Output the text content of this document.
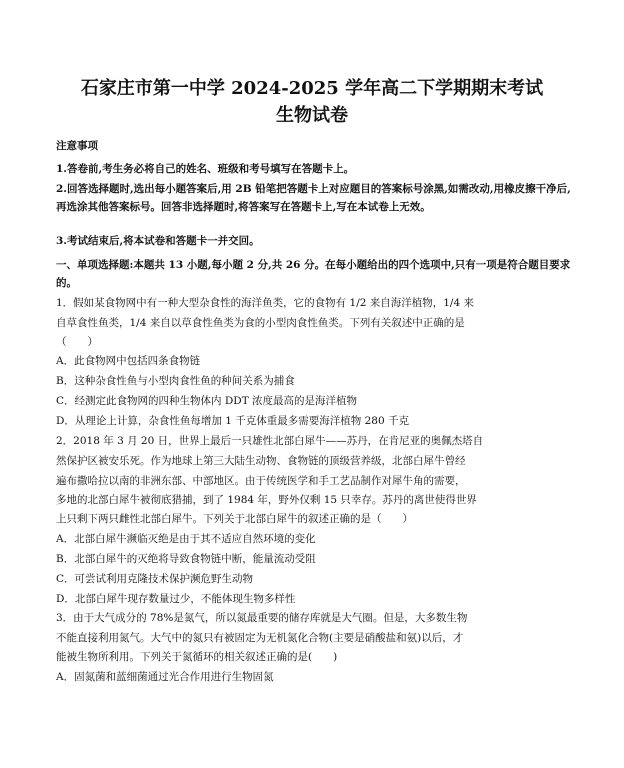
石家庄市第一中学 2024-2025 学年高二下学期期末考试
生物试卷
注意事项
1.答卷前,考生务必将自己的姓名、班级和考号填写在答题卡上。
2.回答选择题时,选出每小题答案后,用 2B 铅笔把答题卡上对应题目的答案标号涂黑,如需改动,用橡皮擦干净后,再选涂其他答案标号。回答非选择题时,将答案写在答题卡上,写在本试卷上无效。
3.考试结束后,将本试卷和答题卡一并交回。
一、单项选择题:本题共 13 小题,每小题 2 分,共 26 分。在每小题给出的四个选项中,只有一项是符合题目要求的。
1．假如某食物网中有一种大型杂食性的海洋鱼类，它的食物有 1/2 来自海洋植物，1/4 来
自草食性鱼类，1/4 来自以草食性鱼类为食的小型肉食性鱼类。下列有关叙述中正确的是
（　　）
A．此食物网中包括四条食物链
B．这种杂食性鱼与小型肉食性鱼的种间关系为捕食
C．经测定此食物网的四种生物体内 DDT 浓度最高的是海洋植物
D．从理论上计算，杂食性鱼每增加 1 千克体重最多需要海洋植物 280 千克
2．2018 年 3 月 20 日，世界上最后一只雄性北部白犀牛——苏丹，在肯尼亚的奥佩杰塔自
然保护区被安乐死。作为地球上第三大陆生动物、食物链的顶级营养级，北部白犀牛曾经
遍布撒哈拉以南的非洲东部、中部地区。由于传统医学和手工艺品制作对犀牛角的需要，
多地的北部白犀牛被彻底猎捕，到了 1984 年，野外仅剩 15 只幸存。苏丹的离世使得世界
上只剩下两只雌性北部白犀牛。下列关于北部白犀牛的叙述正确的是（　　）
A．北部白犀牛濒临灭绝是由于其不适应自然环境的变化
B．北部白犀牛的灭绝将导致食物链中断，能量流动受阻
C．可尝试利用克隆技术保护濒危野生动物
D．北部白犀牛现存数量过少，不能体现生物多样性
3．由于大气成分的 78%是氮气，所以氮最重要的储存库就是大气圈。但是，大多数生物
不能直接利用氮气。大气中的氮只有被固定为无机氮化合物(主要是硝酸盐和氨)以后，才
能被生物所利用。下列关于氮循环的相关叙述正确的是(　　)
A．固氮菌和蓝细菌通过光合作用进行生物固氮
